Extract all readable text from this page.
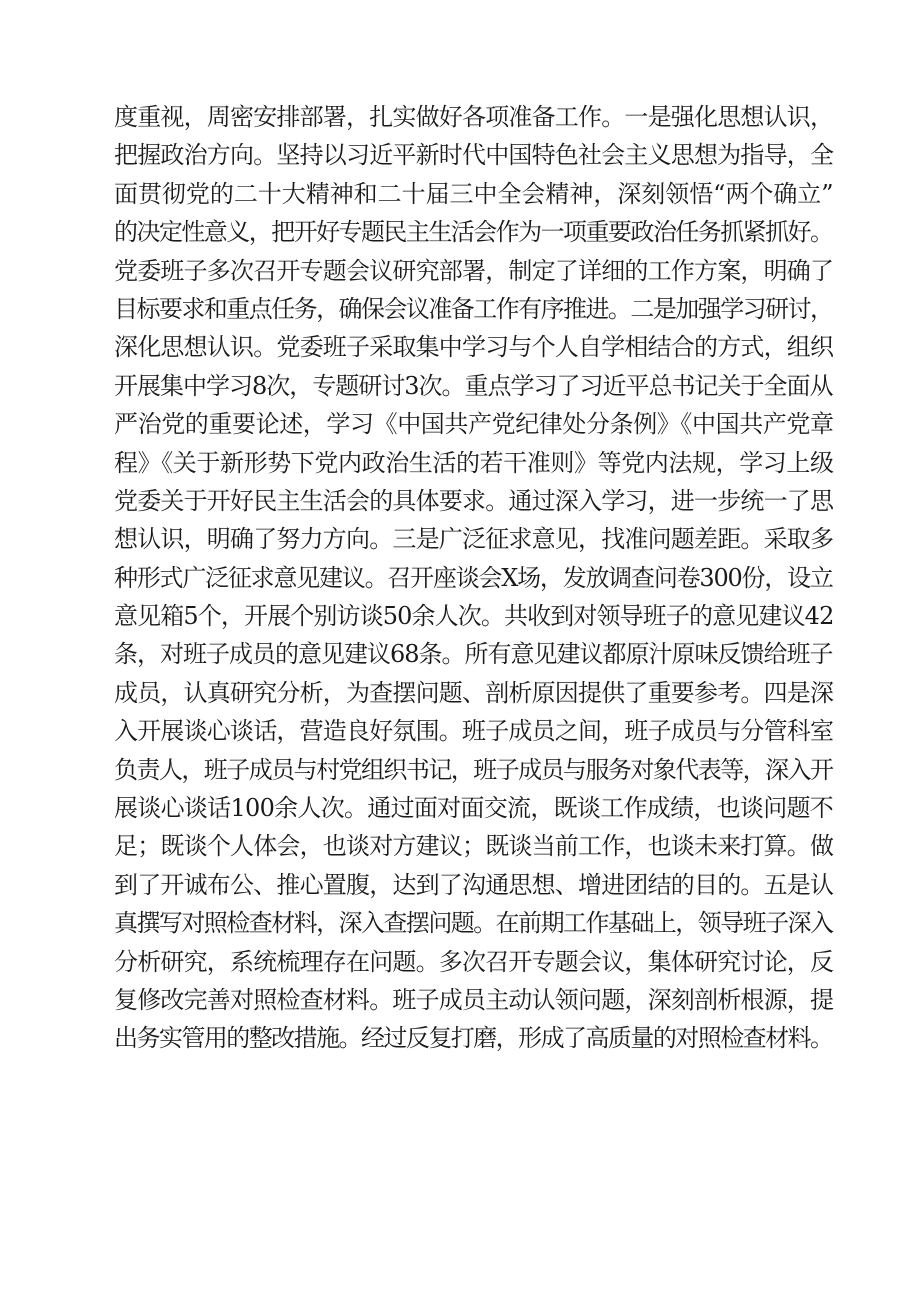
度重视，周密安排部署，扎实做好各项准备工作。一是强化思想认识，
把握政治方向。坚持以习近平新时代中国特色社会主义思想为指导，全
面贯彻党的二十大精神和二十届三中全会精神，深刻领悟“两个确立”
的决定性意义，把开好专题民主生活会作为一项重要政治任务抓紧抓好。
党委班子多次召开专题会议研究部署，制定了详细的工作方案，明确了
目标要求和重点任务，确保会议准备工作有序推进。二是加强学习研讨，
深化思想认识。党委班子采取集中学习与个人自学相结合的方式，组织
开展集中学习8次，专题研讨3次。重点学习了习近平总书记关于全面从
严治党的重要论述，学习《中国共产党纪律处分条例》《中国共产党章
程》《关于新形势下党内政治生活的若干准则》等党内法规，学习上级
党委关于开好民主生活会的具体要求。通过深入学习，进一步统一了思
想认识，明确了努力方向。三是广泛征求意见，找准问题差距。采取多
种形式广泛征求意见建议。召开座谈会X场，发放调查问卷300份，设立
意见箱5个，开展个别访谈50余人次。共收到对领导班子的意见建议42
条，对班子成员的意见建议68条。所有意见建议都原汁原味反馈给班子
成员，认真研究分析，为查摆问题、剖析原因提供了重要参考。四是深
入开展谈心谈话，营造良好氛围。班子成员之间，班子成员与分管科室
负责人，班子成员与村党组织书记，班子成员与服务对象代表等，深入开
展谈心谈话100余人次。通过面对面交流，既谈工作成绩，也谈问题不
足；既谈个人体会，也谈对方建议；既谈当前工作，也谈未来打算。做
到了开诚布公、推心置腹，达到了沟通思想、增进团结的目的。五是认
真撰写对照检查材料，深入查摆问题。在前期工作基础上，领导班子深入
分析研究，系统梳理存在问题。多次召开专题会议，集体研究讨论，反
复修改完善对照检查材料。班子成员主动认领问题，深刻剖析根源，提
出务实管用的整改措施。经过反复打磨，形成了高质量的对照检查材料。
